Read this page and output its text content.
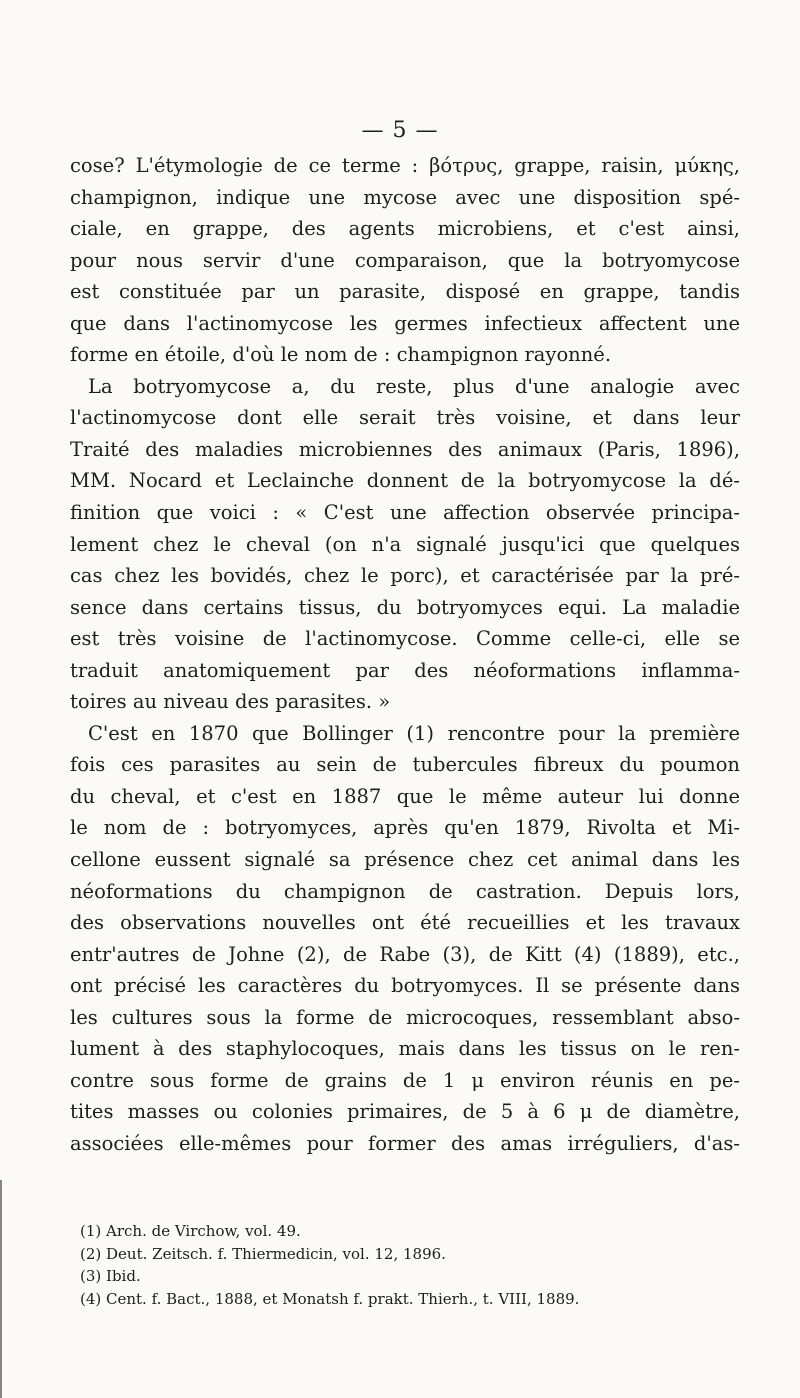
— 5 —
cose? L'étymologie de ce terme : βότρυς, grappe, raisin, μύκης,
champignon, indique une mycose avec une disposition spé-
ciale, en grappe, des agents microbiens, et c'est ainsi,
pour nous servir d'une comparaison, que la botryomycose
est constituée par un parasite, disposé en grappe, tandis
que dans l'actinomycose les germes infectieux affectent une
forme en étoile, d'où le nom de : champignon rayonné.
La botryomycose a, du reste, plus d'une analogie avec
l'actinomycose dont elle serait très voisine, et dans leur
Traité des maladies microbiennes des animaux (Paris, 1896),
MM. Nocard et Leclainche donnent de la botryomycose la dé-
finition que voici : « C'est une affection observée principa-
lement chez le cheval (on n'a signalé jusqu'ici que quelques
cas chez les bovidés, chez le porc), et caractérisée par la pré-
sence dans certains tissus, du botryomyces equi. La maladie
est très voisine de l'actinomycose. Comme celle-ci, elle se
traduit anatomiquement par des néoformations inflamma-
toires au niveau des parasites. »
C'est en 1870 que Bollinger (1) rencontre pour la première
fois ces parasites au sein de tubercules fibreux du poumon
du cheval, et c'est en 1887 que le même auteur lui donne
le nom de : botryomyces, après qu'en 1879, Rivolta et Mi-
cellone eussent signalé sa présence chez cet animal dans les
néoformations du champignon de castration. Depuis lors,
des observations nouvelles ont été recueillies et les travaux
entr'autres de Johne (2), de Rabe (3), de Kitt (4) (1889), etc.,
ont précisé les caractères du botryomyces. Il se présente dans
les cultures sous la forme de microcoques, ressemblant abso-
lument à des staphylocoques, mais dans les tissus on le ren-
contre sous forme de grains de 1 μ environ réunis en pe-
tites masses ou colonies primaires, de 5 à 6 μ de diamètre,
associées elle-mêmes pour former des amas irréguliers, d'as-
(1) Arch. de Virchow, vol. 49.
(2) Deut. Zeitsch. f. Thiermedicin, vol. 12, 1896.
(3) Ibid.
(4) Cent. f. Bact., 1888, et Monatsh f. prakt. Thierh., t. VIII, 1889.
